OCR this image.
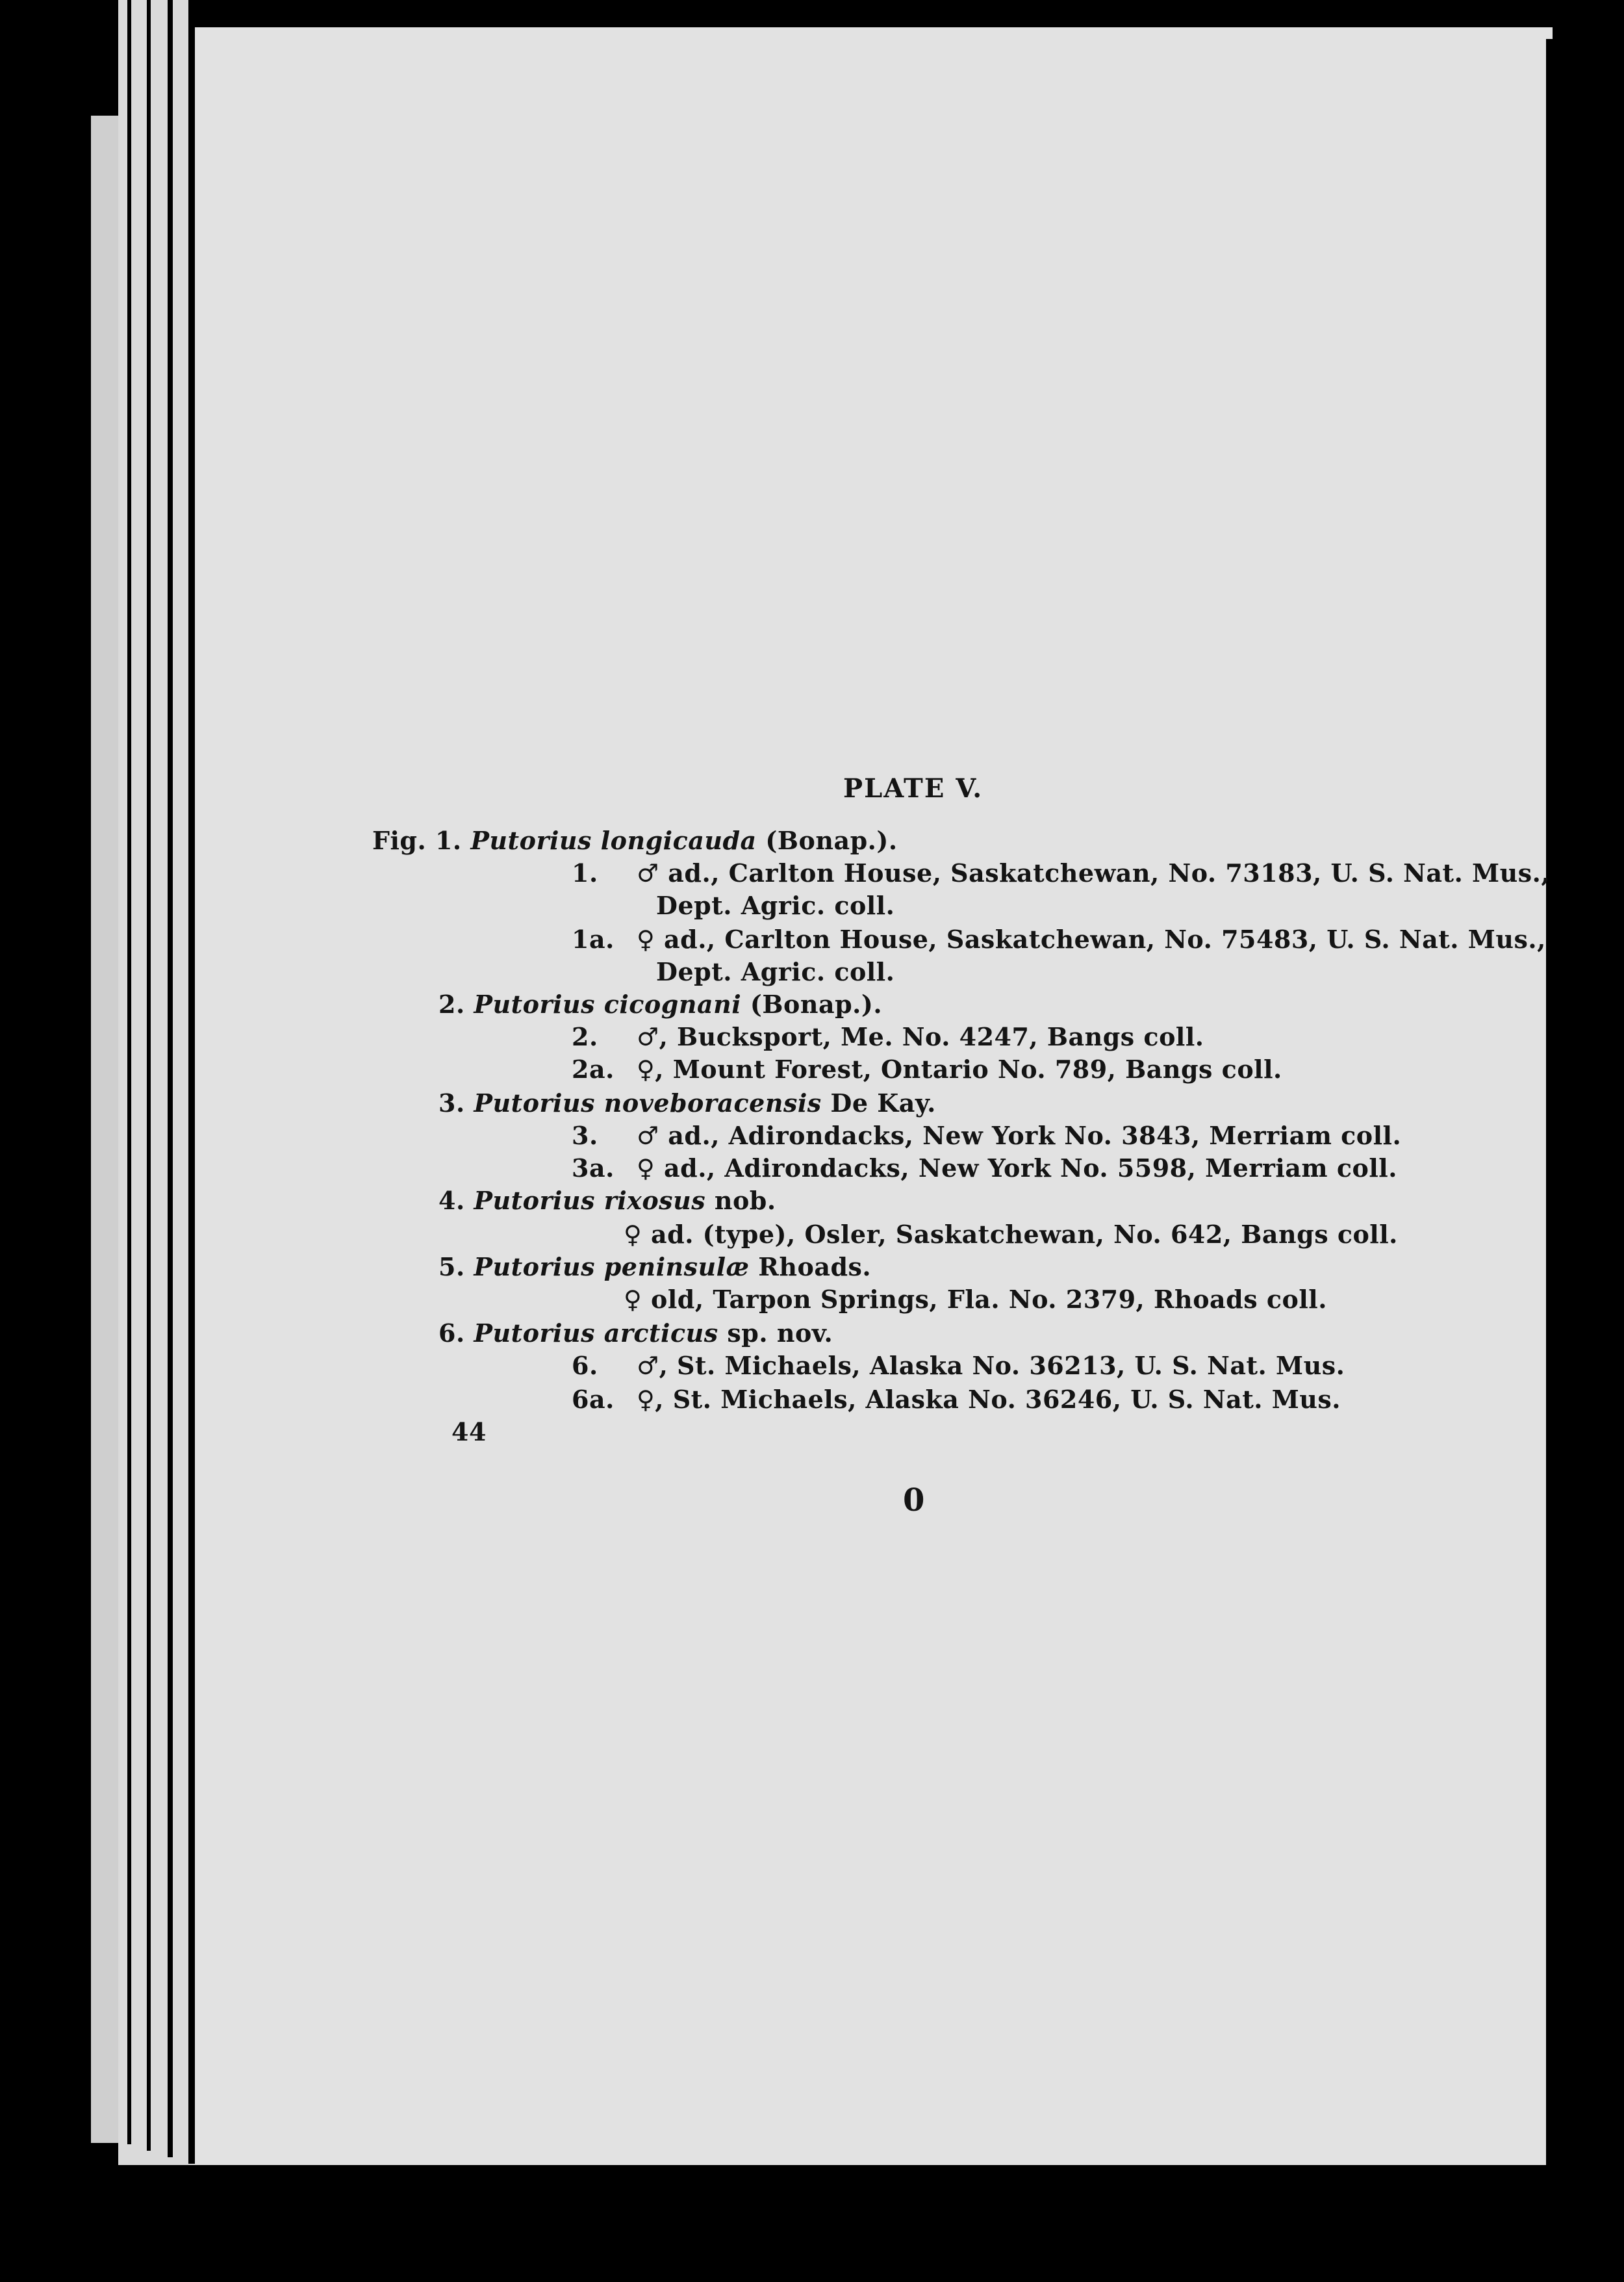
PLATE V.
Fig. 1. Putorius longicauda (Bonap.).
1. ♂ ad., Carlton House, Saskatchewan, No. 73183, U. S. Nat. Mus.,
Dept. Agric. coll.
1a. ♀ ad., Carlton House, Saskatchewan, No. 75483, U. S. Nat. Mus.,
Dept. Agric. coll.
2. Putorius cicognani (Bonap.).
2. ♂, Bucksport, Me. No. 4247, Bangs coll.
2a. ♀, Mount Forest, Ontario No. 789, Bangs coll.
3. Putorius noveboracensis De Kay.
3. ♂ ad., Adirondacks, New York No. 3843, Merriam coll.
3a. ♀ ad., Adirondacks, New York No. 5598, Merriam coll.
4. Putorius rixosus nob.
♀ ad. (type), Osler, Saskatchewan, No. 642, Bangs coll.
5. Putorius peninsulæ Rhoads.
♀ old, Tarpon Springs, Fla. No. 2379, Rhoads coll.
6. Putorius arcticus sp. nov.
6. ♂, St. Michaels, Alaska No. 36213, U. S. Nat. Mus.
6a. ♀, St. Michaels, Alaska No. 36246, U. S. Nat. Mus.
44
0
